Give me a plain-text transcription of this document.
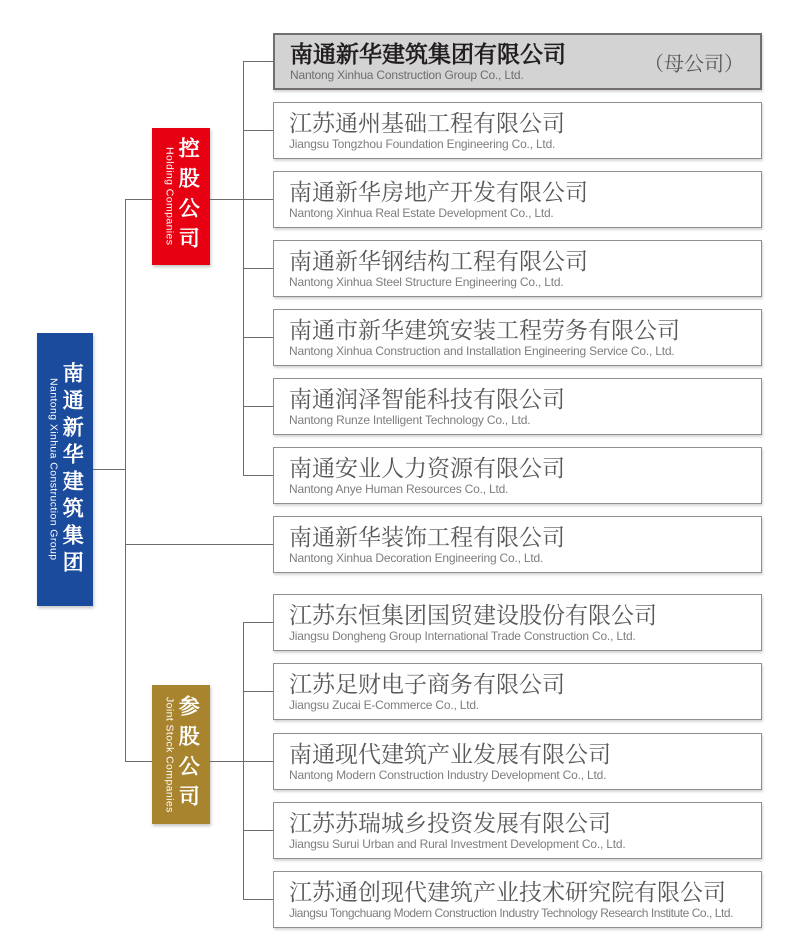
Nantong Xinhua Construction Group 南通新华建筑集团
Holding Companies 控股公司
Joint Stock Companies 参股公司
南通新华建筑集团有限公司
Nantong Xinhua Construction Group Co., Ltd.	（母公司）
江苏通州基础工程有限公司
Jiangsu Tongzhou Foundation Engineering Co., Ltd.
南通新华房地产开发有限公司
Nantong Xinhua Real Estate Development Co., Ltd.
南通新华钢结构工程有限公司
Nantong Xinhua Steel Structure Engineering Co., Ltd.
南通市新华建筑安装工程劳务有限公司
Nantong Xinhua Construction and Installation Engineering Service Co., Ltd.
南通润泽智能科技有限公司
Nantong Runze Intelligent Technology Co., Ltd.
南通安业人力资源有限公司
Nantong Anye Human Resources Co., Ltd.
南通新华装饰工程有限公司
Nantong Xinhua Decoration Engineering Co., Ltd.
江苏东恒集团国贸建设股份有限公司
Jiangsu Dongheng Group International Trade Construction Co., Ltd.
江苏足财电子商务有限公司
Jiangsu Zucai E-Commerce Co., Ltd.
南通现代建筑产业发展有限公司
Nantong Modern Construction Industry Development Co., Ltd.
江苏苏瑞城乡投资发展有限公司
Jiangsu Surui Urban and Rural Investment Development Co., Ltd.
江苏通创现代建筑产业技术研究院有限公司
Jiangsu Tongchuang Modern Construction Industry Technology Research Institute Co., Ltd.
